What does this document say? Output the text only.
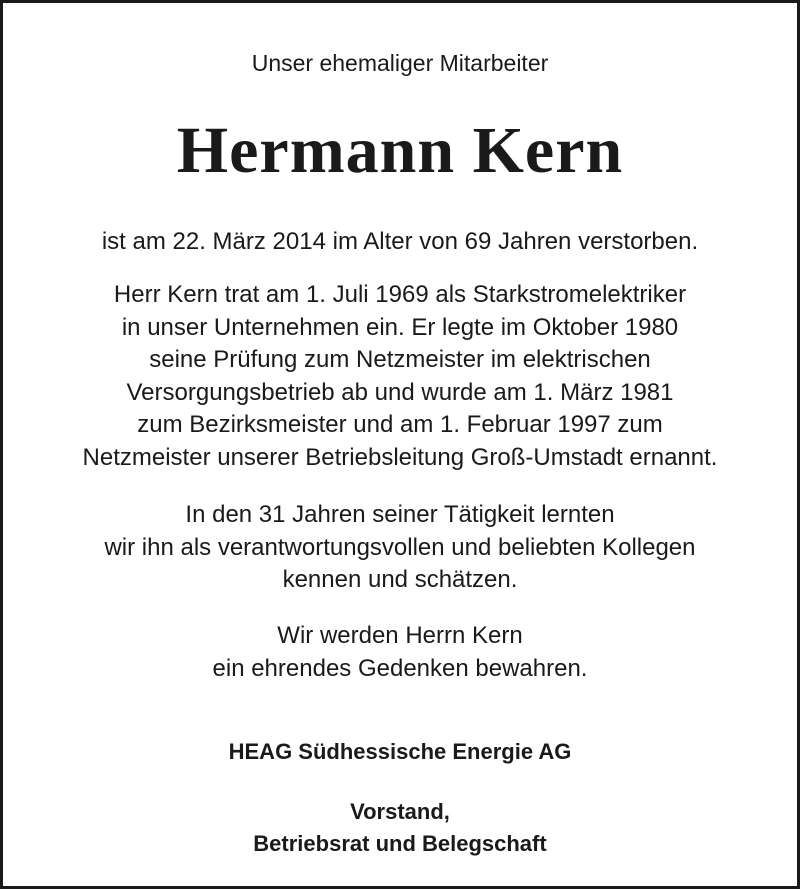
Unser ehemaliger Mitarbeiter
Hermann Kern
ist am 22. März 2014 im Alter von 69 Jahren verstorben.
Herr Kern trat am 1. Juli 1969 als Starkstromelektriker
in unser Unternehmen ein. Er legte im Oktober 1980
seine Prüfung zum Netzmeister im elektrischen
Versorgungsbetrieb ab und wurde am 1. März 1981
zum Bezirksmeister und am 1. Februar 1997 zum
Netzmeister unserer Betriebsleitung Groß-Umstadt ernannt.
In den 31 Jahren seiner Tätigkeit lernten
wir ihn als verantwortungsvollen und beliebten Kollegen
kennen und schätzen.
Wir werden Herrn Kern
ein ehrendes Gedenken bewahren.
HEAG Südhessische Energie AG
Vorstand,
Betriebsrat und Belegschaft
